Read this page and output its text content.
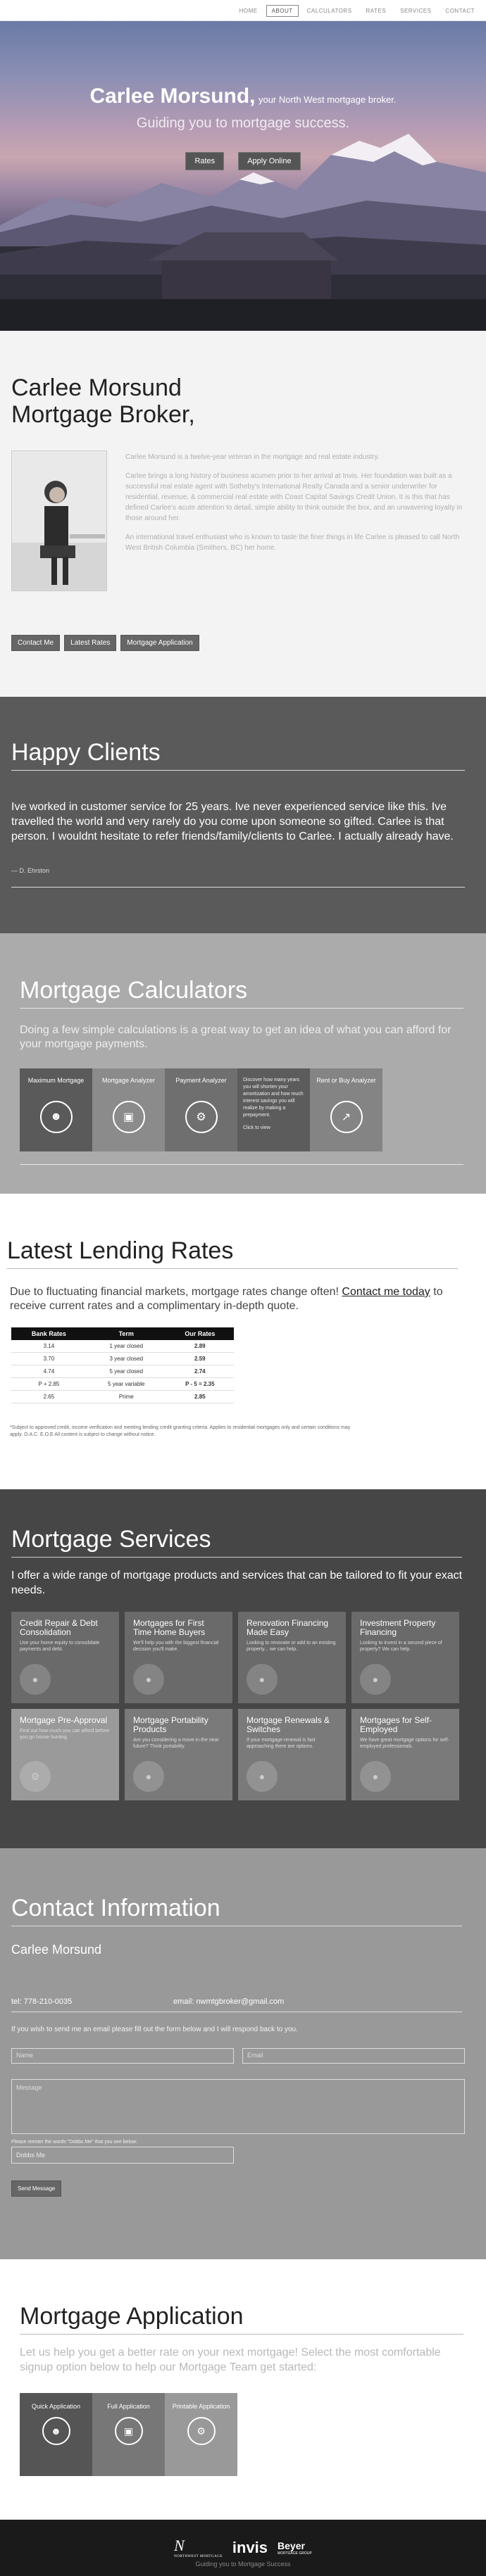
HOME	ABOUT	CALCULATORS	RATES	SERVICES	CONTACT
Carlee Morsund, your North West mortgage broker.
Guiding you to mortgage success.
Rates	Apply Online
Carlee Morsund
Mortgage Broker,

Carlee Morsund is a twelve-year veteran in the mortgage and real estate industry.

Carlee brings a long history of business acumen prior to her arrival at Invis. Her foundation was built as a successful real estate agent with Sotheby's International Realty Canada and a senior underwriter for residential, revenue, & commercial real estate with Coast Capital Savings Credit Union. It is this that has defined Carlee's acute attention to detail, simple ability to think outside the box, and an unwavering loyalty in those around her.

An international travel enthusiast who is known to taste the finer things in life Carlee is pleased to call North West British Columbia (Smithers, BC) her home.

Contact Me	Latest Rates	Mortgage Application
Happy Clients

Ive worked in customer service for 25 years. Ive never experienced service like this. Ive travelled the world and very rarely do you come upon someone so gifted. Carlee is that person. I wouldnt hesitate to refer friends/family/clients to Carlee. I actually already have.

— D. Ehrston

Mortgage Calculators

Doing a few simple calculations is a great way to get an idea of what you can afford for your mortgage payments.

Maximum Mortgage
☻
Mortgage Analyzer
▣
Payment Analyzer
⚙
Discover how many years you will shorten your amortization and how much interest savings you will realize by making a prepayment.
Click to view
Rent or Buy Analyzer
↗
Latest Lending Rates

Due to fluctuating financial markets, mortgage rates change often! Contact me today to receive current rates and a complimentary in-depth quote.

Bank Rates	Term	Our Rates
3.14	1 year closed	2.89
3.70	3 year closed	2.59
4.74	5 year closed	2.74
P + 2.85	5 year variable	P - 5 = 2.35
2.65	Prime	2.85

*Subject to approved credit, income verification and meeting lending credit granting criteria. Applies to residential mortgages only and certain conditions may apply. O.A.C. E.O.E All content is subject to change without notice.

Mortgage Services

I offer a wide range of mortgage products and services that can be tailored to fit your exact needs.

Credit Repair & Debt Consolidation
Use your home equity to consolidate payments and debt.
●
Mortgages for First Time Home Buyers
We'll help you with the biggest financial decision you'll make.
●
Renovation Financing Made Easy
Looking to renovate or add to an existing property... we can help.
●
Investment Property Financing
Looking to invest in a second piece of property? We can help.
●
Mortgage Pre-Approval
Find out how much you can afford before you go house hunting.
⚙
Mortgage Portability Products
Are you considering a move in the near future? Think portability.
●
Mortgage Renewals & Switches
If your mortgage renewal is fast approaching there are options.
●
Mortgages for Self-Employed
We have great mortgage options for self-employed professionals.
●
Contact Information
Carlee Morsund
tel: 778-210-0035	email: nwmtgbroker@gmail.com
If you wish to send me an email please fill out the form below and I will respond back to you.
Name	Email
Message
Please reenter the words "Dobbs Me" that you see below:
Dobbs Me
Send Message
Mortgage Application

Let us help you get a better rate on your next mortgage! Select the most comfortable signup option below to help our Mortgage Team get started:

Quick Application
☻
Full Application
▣
Printable Application
⚙
N
NORTHWEST MORTGAGE
invis Beyer
MORTGAGE GROUP
Guiding you to Mortgage Success
